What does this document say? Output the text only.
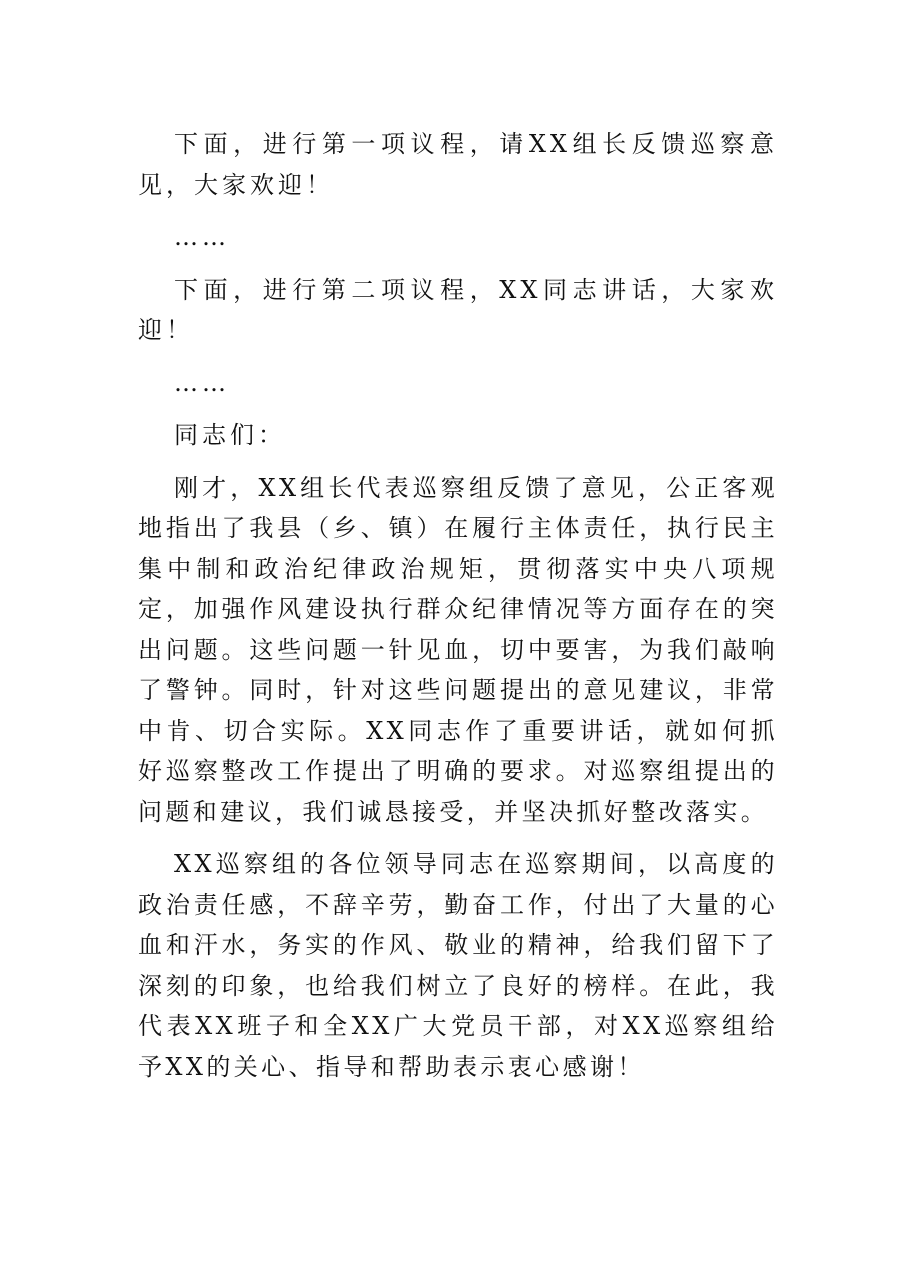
下面，进行第一项议程，请XX组长反馈巡察意见，大家欢迎！

……

下面，进行第二项议程，XX同志讲话，大家欢迎！

……

同志们：

刚才，XX组长代表巡察组反馈了意见，公正客观地指出了我县（乡、镇）在履行主体责任，执行民主集中制和政治纪律政治规矩，贯彻落实中央八项规定，加强作风建设执行群众纪律情况等方面存在的突出问题。这些问题一针见血，切中要害，为我们敲响了警钟。同时，针对这些问题提出的意见建议，非常中肯、切合实际。XX同志作了重要讲话，就如何抓好巡察整改工作提出了明确的要求。对巡察组提出的问题和建议，我们诚恳接受，并坚决抓好整改落实。

XX巡察组的各位领导同志在巡察期间，以高度的政治责任感，不辞辛劳，勤奋工作，付出了大量的心血和汗水，务实的作风、敬业的精神，给我们留下了深刻的印象，也给我们树立了良好的榜样。在此，我代表XX班子和全XX广大党员干部，对XX巡察组给予XX的关心、指导和帮助表示衷心感谢！
